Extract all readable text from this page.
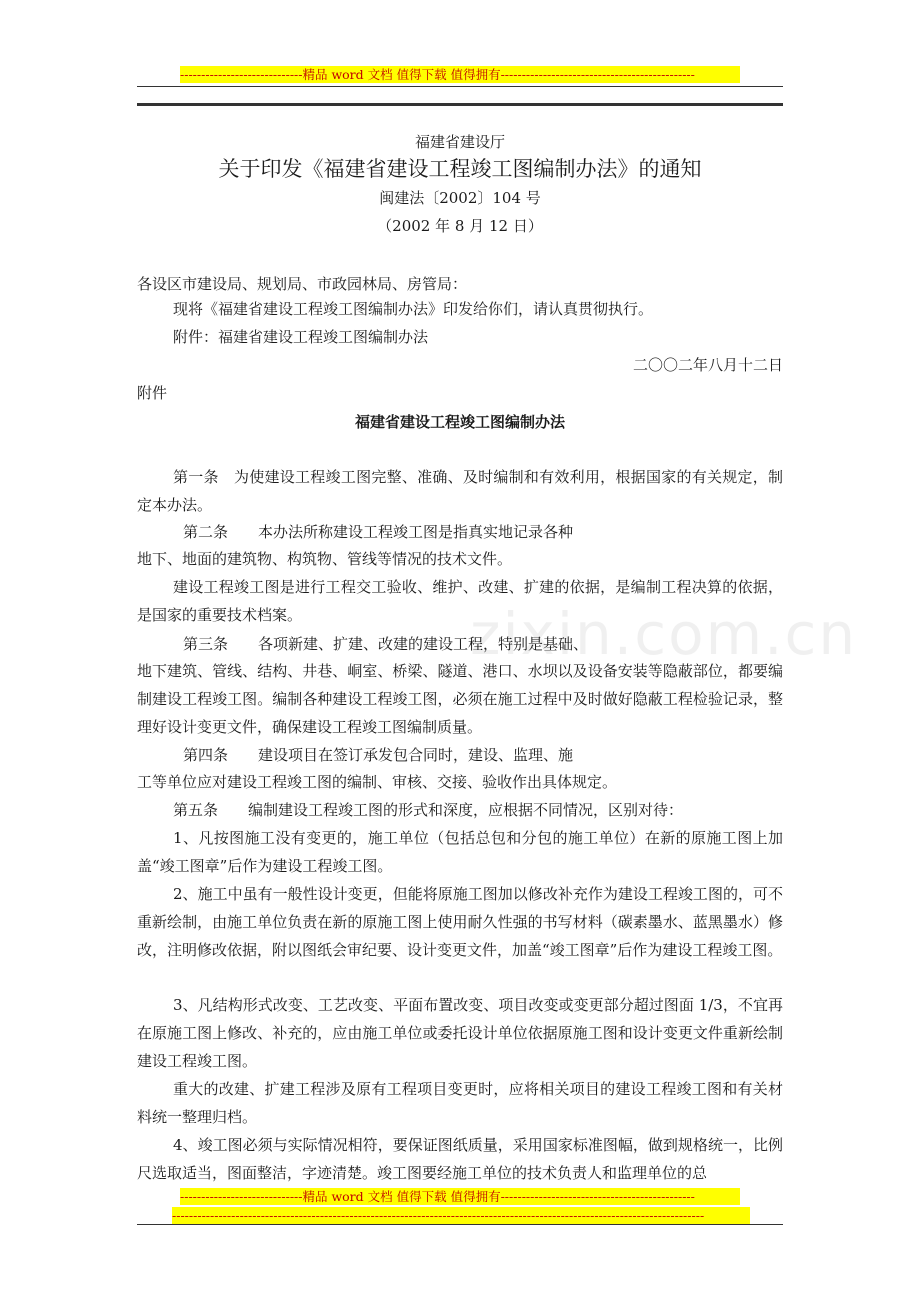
-----------------------------精品 word 文档 值得下载 值得拥有----------------------------------------------
zixin.com.cn
福建省建设厅
关于印发《福建省建设工程竣工图编制办法》的通知
闽建法〔2002〕104 号
（2002 年 8 月 12 日）
各设区市建设局、规划局、市政园林局、房管局：
现将《福建省建设工程竣工图编制办法》印发给你们，请认真贯彻执行。
附件：福建省建设工程竣工图编制办法
二〇〇二年八月十二日
附件
福建省建设工程竣工图编制办法
第一条　为使建设工程竣工图完整、准确、及时编制和有效利用，根据国家的有关规定，制定本办法。
第二条　　本办法所称建设工程竣工图是指真实地记录各种
地下、地面的建筑物、构筑物、管线等情况的技术文件。
建设工程竣工图是进行工程交工验收、维护、改建、扩建的依据，是编制工程决算的依据，是国家的重要技术档案。
第三条　　各项新建、扩建、改建的建设工程，特别是基础、
地下建筑、管线、结构、井巷、峒室、桥梁、隧道、港口、水坝以及设备安装等隐蔽部位，都要编制建设工程竣工图。编制各种建设工程竣工图，必须在施工过程中及时做好隐蔽工程检验记录，整理好设计变更文件，确保建设工程竣工图编制质量。
第四条　　建设项目在签订承发包合同时，建设、监理、施
工等单位应对建设工程竣工图的编制、审核、交接、验收作出具体规定。
第五条　　编制建设工程竣工图的形式和深度，应根据不同情况，区别对待：
1、凡按图施工没有变更的，施工单位（包括总包和分包的施工单位）在新的原施工图上加盖“竣工图章”后作为建设工程竣工图。
2、施工中虽有一般性设计变更，但能将原施工图加以修改补充作为建设工程竣工图的，可不重新绘制，由施工单位负责在新的原施工图上使用耐久性强的书写材料（碳素墨水、蓝黑墨水）修改，注明修改依据，附以图纸会审纪要、设计变更文件，加盖“竣工图章”后作为建设工程竣工图。
3、凡结构形式改变、工艺改变、平面布置改变、项目改变或变更部分超过图面 1/3，不宜再在原施工图上修改、补充的，应由施工单位或委托设计单位依据原施工图和设计变更文件重新绘制建设工程竣工图。
重大的改建、扩建工程涉及原有工程项目变更时，应将相关项目的建设工程竣工图和有关材料统一整理归档。
4、竣工图必须与实际情况相符，要保证图纸质量，采用国家标准图幅，做到规格统一，比例尺选取适当，图面整洁，字迹清楚。竣工图要经施工单位的技术负责人和监理单位的总
-----------------------------精品 word 文档 值得下载 值得拥有----------------------------------------------
------------------------------------------------------------------------------------------------------------------------------
